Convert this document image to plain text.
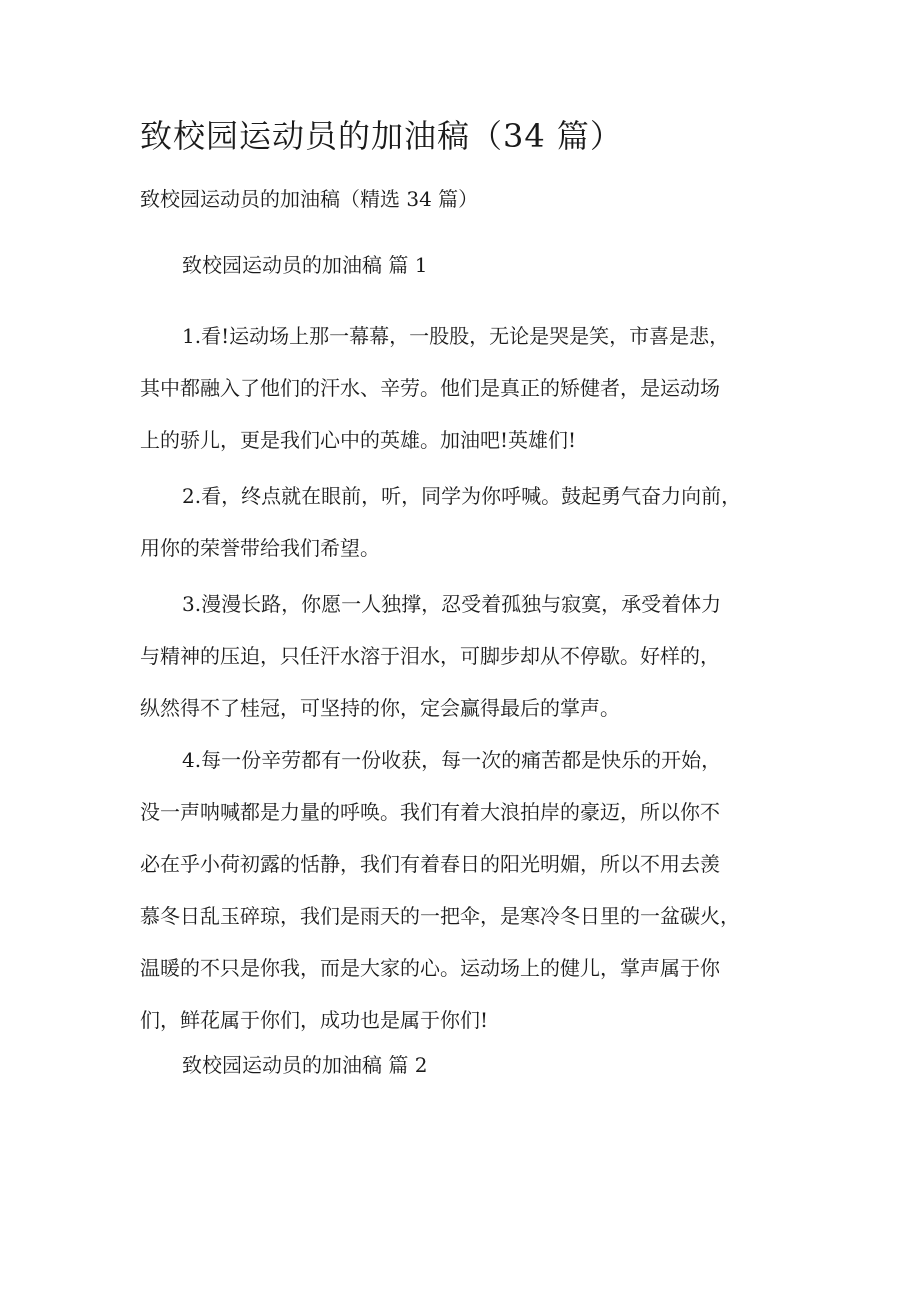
致校园运动员的加油稿（34 篇）
致校园运动员的加油稿（精选 34 篇）
致校园运动员的加油稿 篇 1
1.看!运动场上那一幕幕，一股股，无论是哭是笑，市喜是悲，
其中都融入了他们的汗水、辛劳。他们是真正的矫健者，是运动场
上的骄儿，更是我们心中的英雄。加油吧!英雄们!
2.看，终点就在眼前，听，同学为你呼喊。鼓起勇气奋力向前，
用你的荣誉带给我们希望。
3.漫漫长路，你愿一人独撑，忍受着孤独与寂寞，承受着体力
与精神的压迫，只任汗水溶于泪水，可脚步却从不停歇。好样的，
纵然得不了桂冠，可坚持的你，定会赢得最后的掌声。
4.每一份辛劳都有一份收获，每一次的痛苦都是快乐的开始，
没一声呐喊都是力量的呼唤。我们有着大浪拍岸的豪迈，所以你不
必在乎小荷初露的恬静，我们有着春日的阳光明媚，所以不用去羡
慕冬日乱玉碎琼，我们是雨天的一把伞，是寒冷冬日里的一盆碳火，
温暖的不只是你我，而是大家的心。运动场上的健儿，掌声属于你
们，鲜花属于你们，成功也是属于你们!
致校园运动员的加油稿 篇 2
